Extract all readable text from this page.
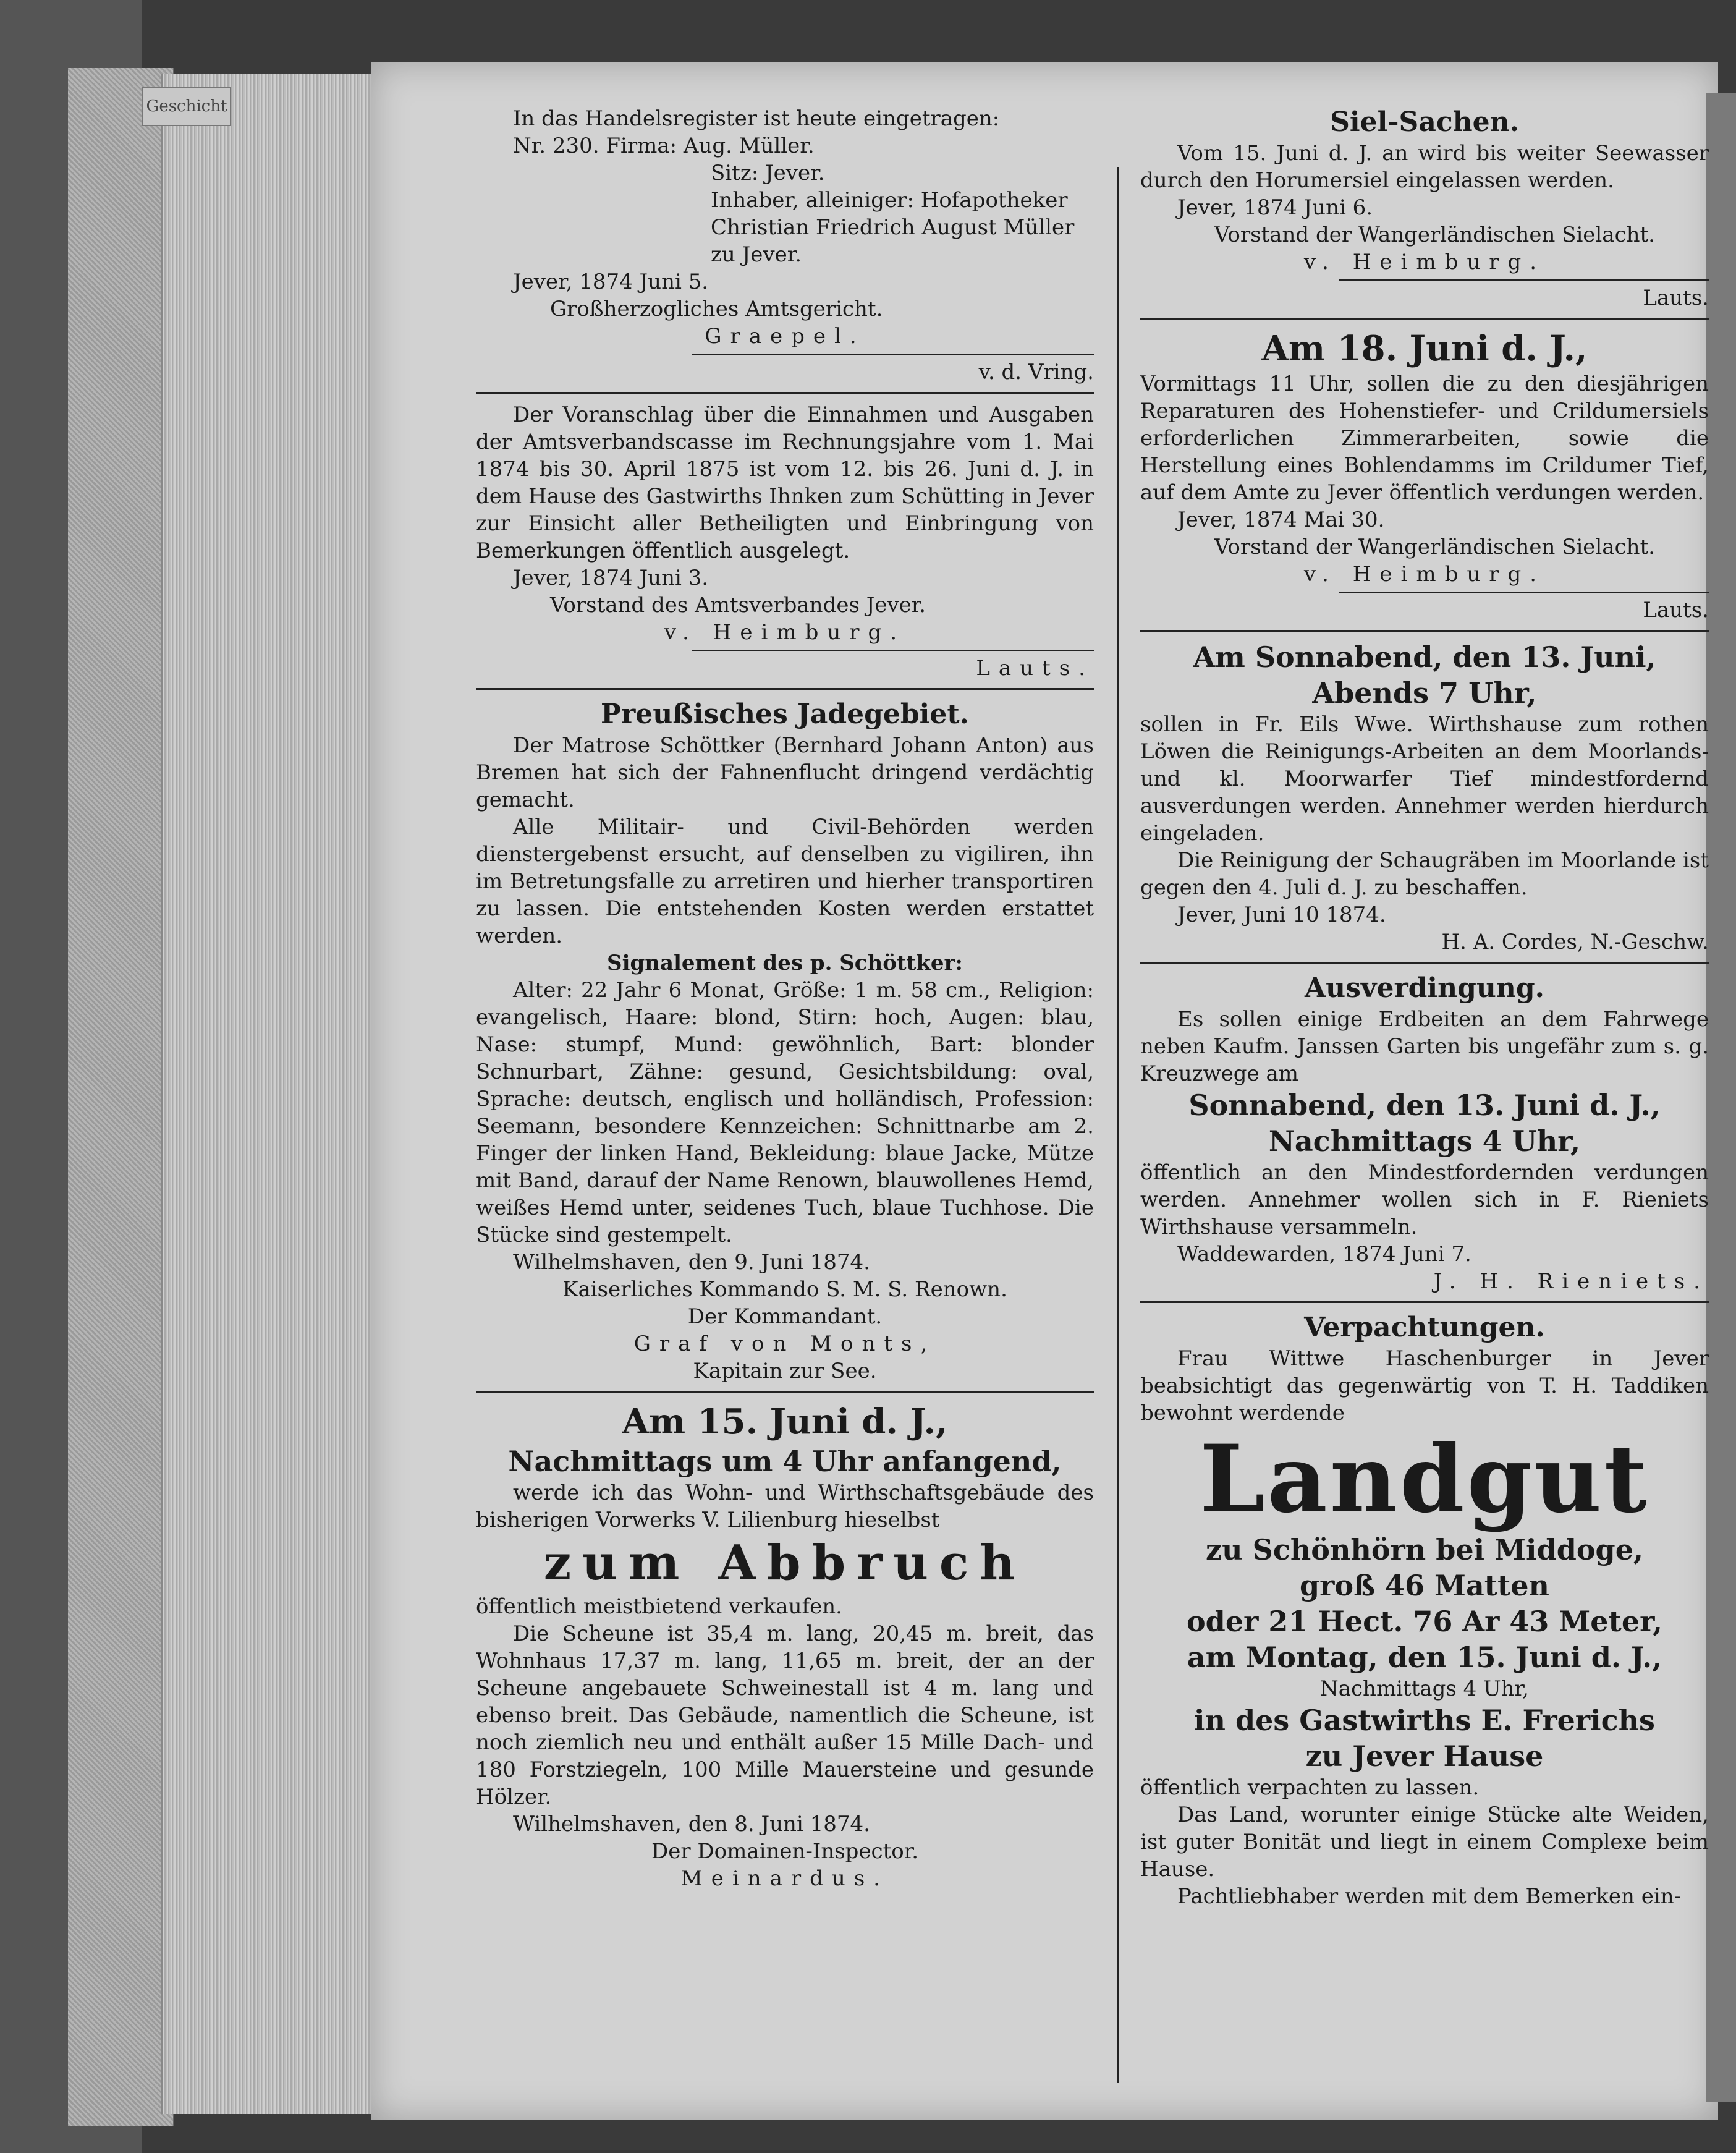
Geschicht	In das Handelsregister ist heute eingetragen:

Nr. 230. Firma: Aug. Müller.

Sitz: Jever.

Inhaber, alleiniger: Hofapotheker

Christian Friedrich August Müller

zu Jever.

Jever, 1874 Juni 5.

Großherzogliches Amtsgericht.

Graepel.

v. d. Vring.

Der Voranschlag über die Einnahmen und Ausgaben der Amtsverbandscasse im Rechnungsjahre vom 1. Mai 1874 bis 30. April 1875 ist vom 12. bis 26. Juni d. J. in dem Hause des Gastwirths Ihnken zum Schütting in Jever zur Einsicht aller Betheiligten und Einbringung von Bemerkungen öffentlich ausgelegt.

Jever, 1874 Juni 3.

Vorstand des Amtsverbandes Jever.

v. Heimburg.

Lauts.

Preußisches Jadegebiet.

Der Matrose Schöttker (Bernhard Johann Anton) aus Bremen hat sich der Fahnenflucht dringend verdächtig gemacht.

Alle Militair- und Civil-Behörden werden dienstergebenst ersucht, auf denselben zu vigiliren, ihn im Betretungsfalle zu arretiren und hierher transportiren zu lassen. Die entstehenden Kosten werden erstattet werden.

Signalement des p. Schöttker:

Alter: 22 Jahr 6 Monat, Größe: 1 m. 58 cm., Religion: evangelisch, Haare: blond, Stirn: hoch, Augen: blau, Nase: stumpf, Mund: gewöhnlich, Bart: blonder Schnurbart, Zähne: gesund, Gesichtsbildung: oval, Sprache: deutsch, englisch und holländisch, Profession: Seemann, besondere Kennzeichen: Schnittnarbe am 2. Finger der linken Hand, Bekleidung: blaue Jacke, Mütze mit Band, darauf der Name Renown, blauwollenes Hemd, weißes Hemd unter, seidenes Tuch, blaue Tuchhose. Die Stücke sind gestempelt.

Wilhelmshaven, den 9. Juni 1874.

Kaiserliches Kommando S. M. S. Renown.

Der Kommandant.

Graf von Monts,

Kapitain zur See.

Am 15. Juni d. J.,

Nachmittags um 4 Uhr anfangend,

werde ich das Wohn- und Wirthschaftsgebäude des bisherigen Vorwerks V. Lilienburg hieselbst

zum Abbruch

öffentlich meistbietend verkaufen.

Die Scheune ist 35,4 m. lang, 20,45 m. breit, das Wohnhaus 17,37 m. lang, 11,65 m. breit, der an der Scheune angebauete Schweinestall ist 4 m. lang und ebenso breit. Das Gebäude, namentlich die Scheune, ist noch ziemlich neu und enthält außer 15 Mille Dach- und 180 Forstziegeln, 100 Mille Mauersteine und gesunde Hölzer.

Wilhelmshaven, den 8. Juni 1874.

Der Domainen-Inspector.

Meinardus.

Siel-Sachen.

Vom 15. Juni d. J. an wird bis weiter Seewasser durch den Horumersiel eingelassen werden.

Jever, 1874 Juni 6.

Vorstand der Wangerländischen Sielacht.

v. Heimburg.

Lauts.

Am 18. Juni d. J.,

Vormittags 11 Uhr, sollen die zu den diesjährigen Reparaturen des Hohenstiefer- und Crildumersiels erforderlichen Zimmerarbeiten, sowie die Herstellung eines Bohlendamms im Crildumer Tief, auf dem Amte zu Jever öffentlich verdungen werden.

Jever, 1874 Mai 30.

Vorstand der Wangerländischen Sielacht.

v. Heimburg.

Lauts.

Am Sonnabend, den 13. Juni,

Abends 7 Uhr,

sollen in Fr. Eils Wwe. Wirthshause zum rothen Löwen die Reinigungs-Arbeiten an dem Moorlands- und kl. Moorwarfer Tief mindestfordernd ausverdungen werden. Annehmer werden hierdurch eingeladen.

Die Reinigung der Schaugräben im Moorlande ist gegen den 4. Juli d. J. zu beschaffen.

Jever, Juni 10 1874.

H. A. Cordes, N.-Geschw.

Ausverdingung.

Es sollen einige Erdbeiten an dem Fahrwege neben Kaufm. Janssen Garten bis ungefähr zum s. g. Kreuzwege am

Sonnabend, den 13. Juni d. J.,

Nachmittags 4 Uhr,

öffentlich an den Mindestfordernden verdungen werden. Annehmer wollen sich in F. Rieniets Wirthshause versammeln.

Waddewarden, 1874 Juni 7.

J. H. Rieniets.

Verpachtungen.

Frau Wittwe Haschenburger in Jever beabsichtigt das gegenwärtig von T. H. Taddiken bewohnt werdende

Landgut

zu Schönhörn bei Middoge,

groß 46 Matten

oder 21 Hect. 76 Ar 43 Meter,

am Montag, den 15. Juni d. J.,

Nachmittags 4 Uhr,

in des Gastwirths E. Frerichs

zu Jever Hause

öffentlich verpachten zu lassen.

Das Land, worunter einige Stücke alte Weiden, ist guter Bonität und liegt in einem Complexe beim Hause.

Pachtliebhaber werden mit dem Bemerken ein-
